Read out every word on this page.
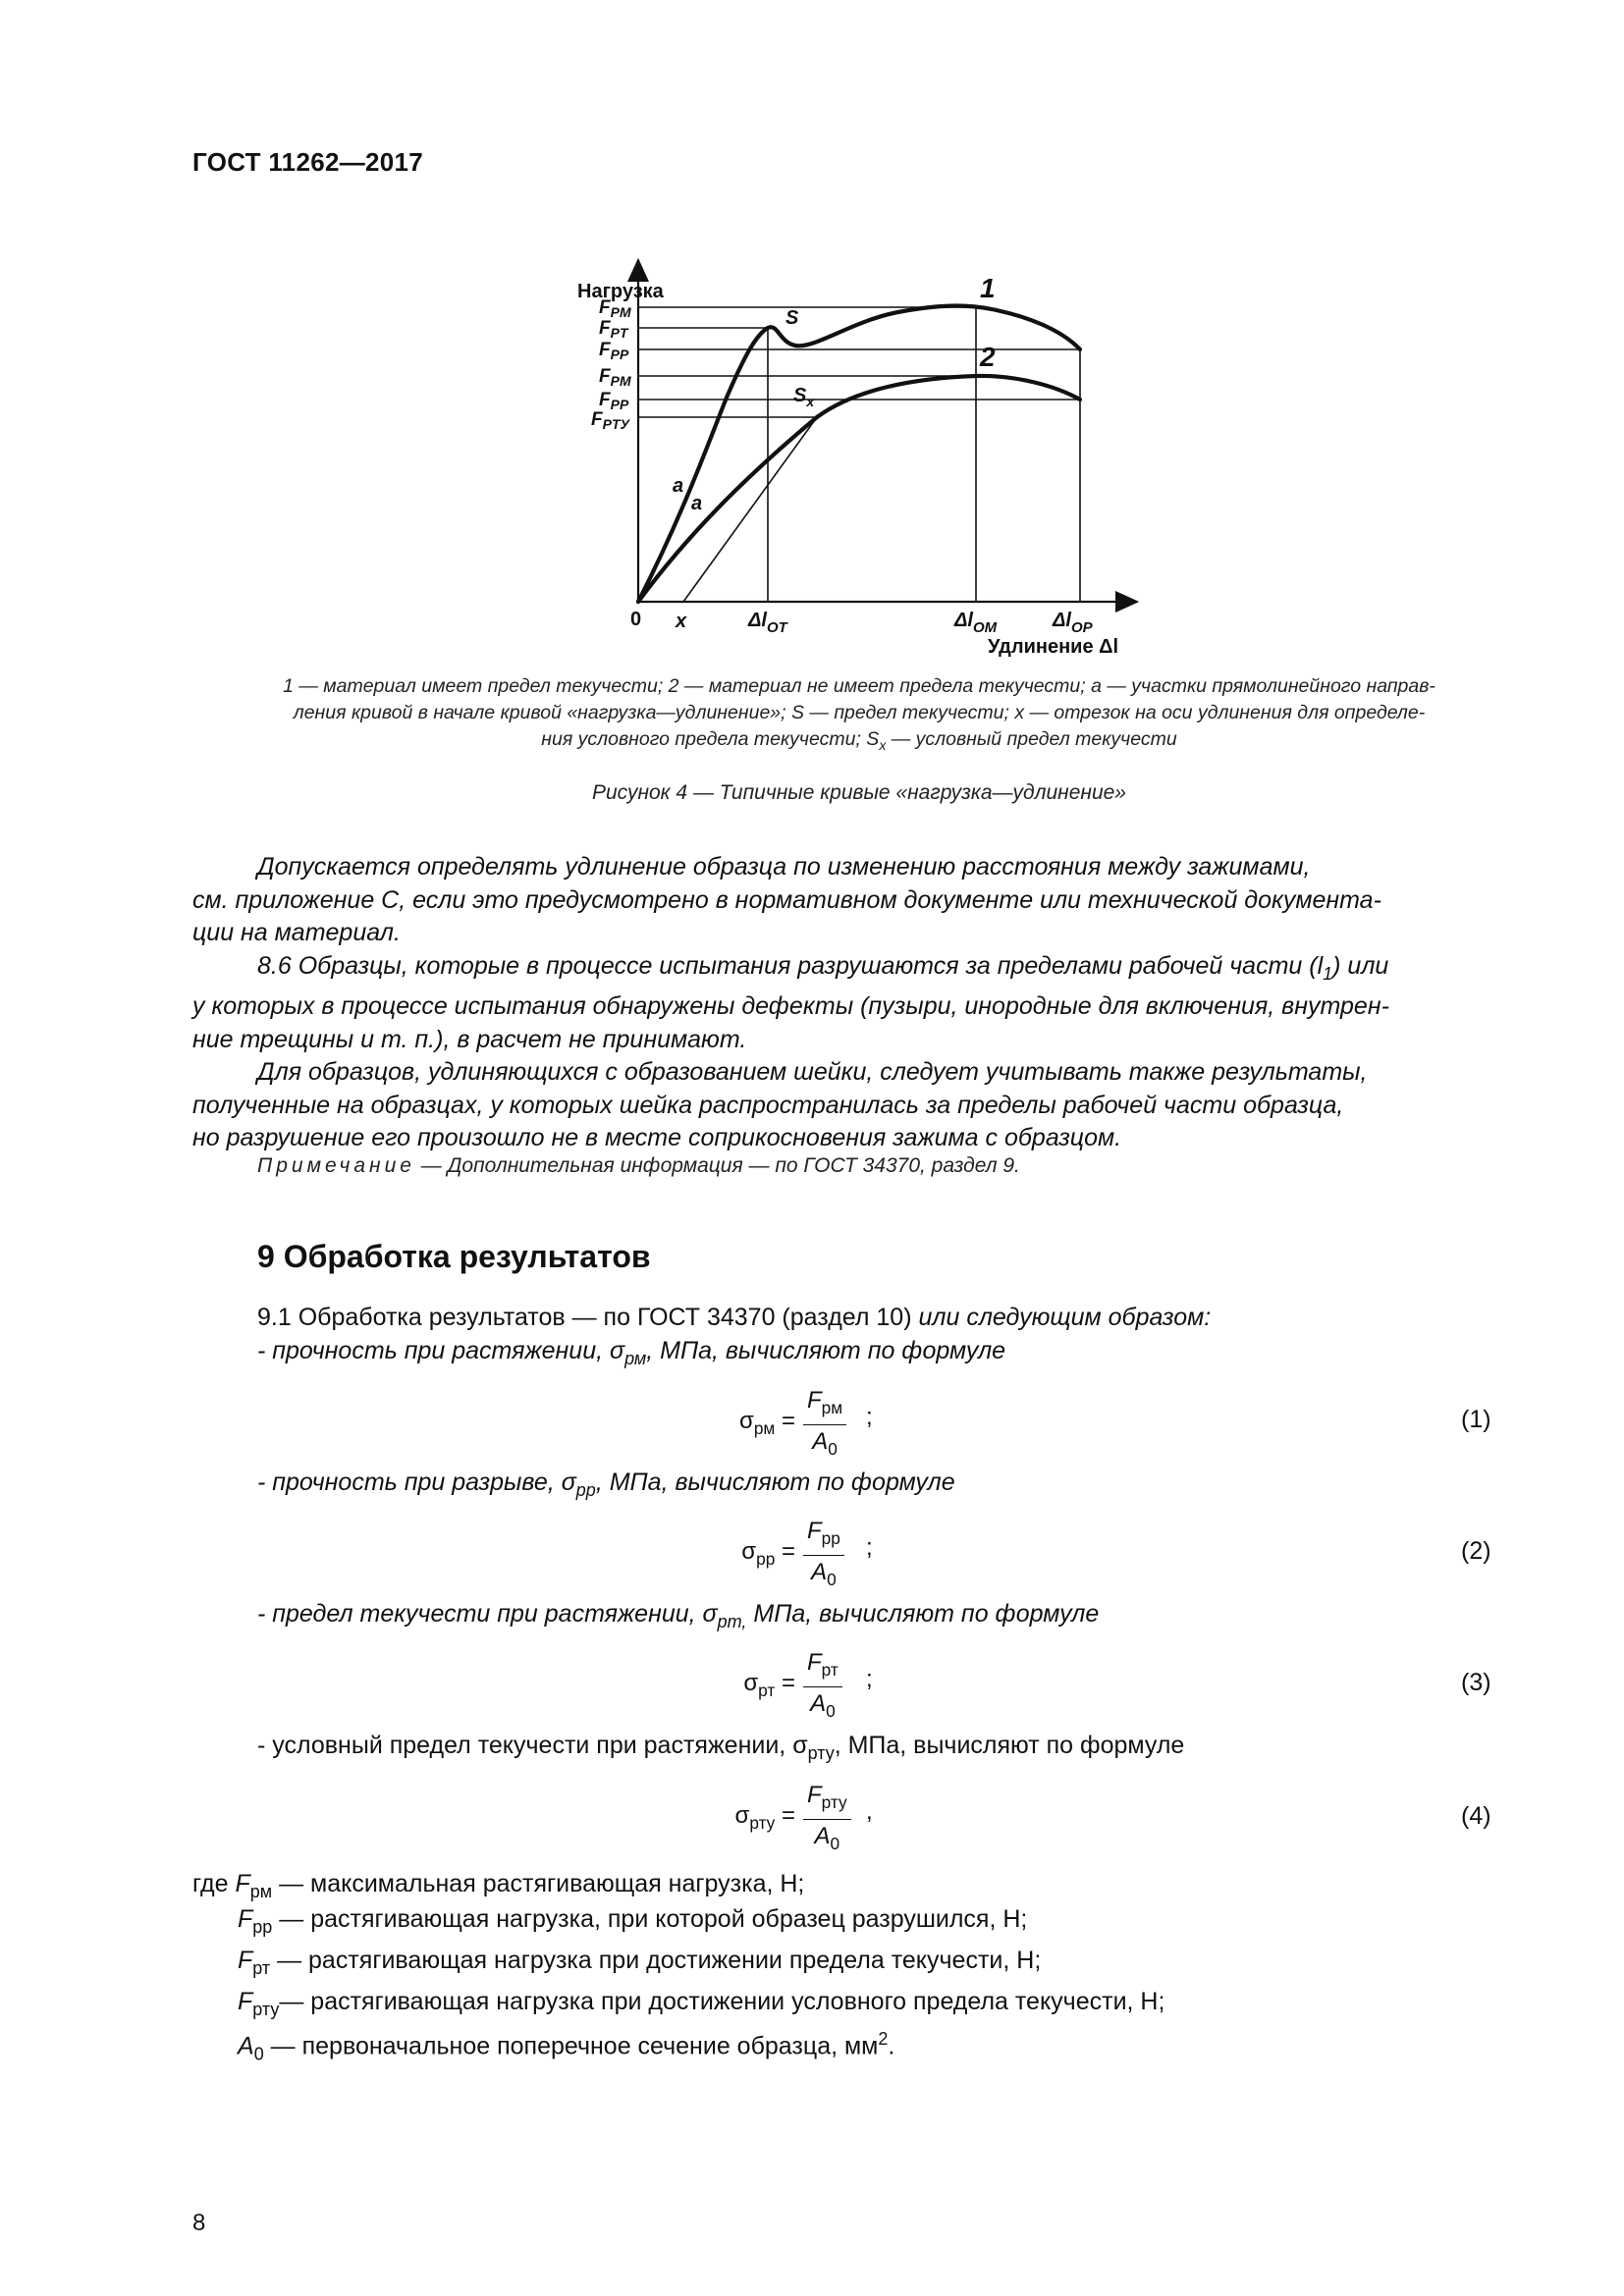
ГОСТ 11262—2017
Нагрузка
$F_{PM}$
$F_{PT}$
$F_{PP}$
$F_{PM}$
$F_{PP}$
$F_{PTУ}$
1
2
S
$S_x$
a
a
0 x	$\Delta l_{OT}$	$\Delta l_{OM}$	$\Delta l_{OP}$
Удлинение Δl
1 — материал имеет предел текучести; 2 — материал не имеет предела текучести; а — участки прямолинейного направ-
ления кривой в начале кривой «нагрузка—удлинение»; S — предел текучести; х — отрезок на оси удлинения для определе-
ния условного предела текучести; $S_x$ — условный предел текучести
Рисунок 4 — Типичные кривые «нагрузка—удлинение»
Допускается определять удлинение образца по изменению расстояния между зажимами,
см. приложение С, если это предусмотрено в нормативном документе или технической документа-
ции на материал.
8.6 Образцы, которые в процессе испытания разрушаются за пределами рабочей части $(l_1)$ или
у которых в процессе испытания обнаружены дефекты (пузыри, инородные для включения, внутрен-
ние трещины и т. п.), в расчет не принимают.
Для образцов, удлиняющихся с образованием шейки, следует учитывать также результаты,
полученные на образцах, у которых шейка распространилась за пределы рабочей части образца,
но разрушение его произошло не в месте соприкосновения зажима с образцом.
Примечание — Дополнительная информация — по ГОСТ 34370, раздел 9.
9 Обработка результатов
9.1 Обработка результатов — по ГОСТ 34370 (раздел 10) или следующим образом:
- прочность при растяжении, $\sigma_{рм}$, МПа, вычисляют по формуле
$\sigma_{рм}$ =
$F_{рм}$
$A_0$
;	(1)
- прочность при разрыве, $\sigma_{рр}$, МПа, вычисляют по формуле
$\sigma_{рр}$ =
$F_{рр}$
$A_0$
;	(2)
- предел текучести при растяжении, $\sigma_{рт,}$ МПа, вычисляют по формуле
$\sigma_{рт}$ =
$F_{рт}$
$A_0$
;	(3)
- условный предел текучести при растяжении, $\sigma_{рту}$, МПа, вычисляют по формуле
$\sigma_{рту}$ =
$F_{рту}$
$A_0$
,	(4)
где $F_{рм}$ — максимальная растягивающая нагрузка, Н;
$F_{рр}$ — растягивающая нагрузка, при которой образец разрушился, Н;
$F_{рт}$ — растягивающая нагрузка при достижении предела текучести, Н;
$F_{рту}—$ растягивающая нагрузка при достижении условного предела текучести, Н;
$A_0$ — первоначальное поперечное сечение образца, $мм^2$.
8
